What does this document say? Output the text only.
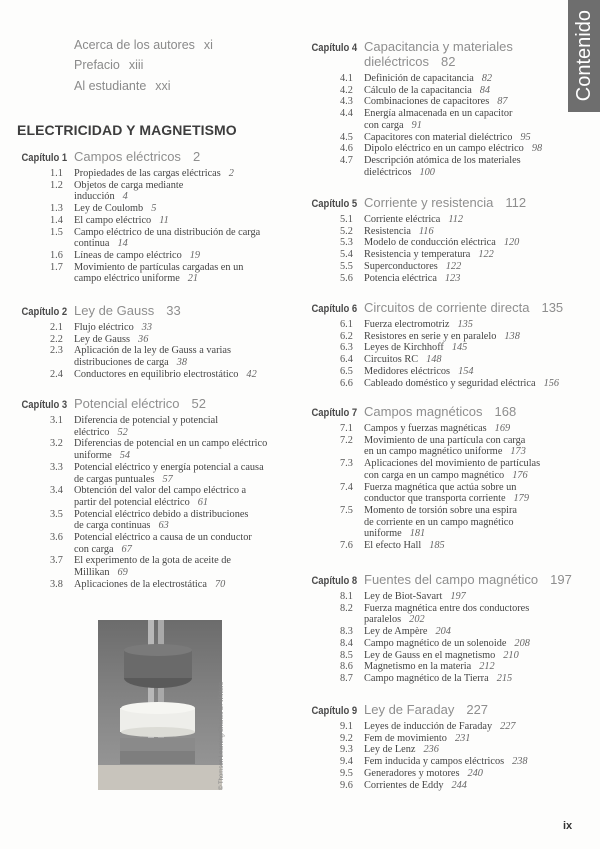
Contenido
Acerca de los autores xi
Prefacio xiii
Al estudiante xxi
ELECTRICIDAD Y MAGNETISMO
Capítulo 1 Campos eléctricos 2
1.1 Propiedades de las cargas eléctricas 2
1.2 Objetos de carga mediante
inducción 4
1.3 Ley de Coulomb 5
1.4 El campo eléctrico 11
1.5 Campo eléctrico de una distribución de carga
continua 14
1.6 Líneas de campo eléctrico 19
1.7 Movimiento de partículas cargadas en un
campo eléctrico uniforme 21
Capítulo 2 Ley de Gauss 33
2.1 Flujo eléctrico 33
2.2 Ley de Gauss 36
2.3 Aplicación de la ley de Gauss a varias
distribuciones de carga 38
2.4 Conductores en equilibrio electrostático 42
Capítulo 3 Potencial eléctrico 52
3.1 Diferencia de potencial y potencial
eléctrico 52
3.2 Diferencias de potencial en un campo eléctrico
uniforme 54
3.3 Potencial eléctrico y energía potencial a causa
de cargas puntuales 57
3.4 Obtención del valor del campo eléctrico a
partir del potencial eléctrico 61
3.5 Potencial eléctrico debido a distribuciones
de carga continuas 63
3.6 Potencial eléctrico a causa de un conductor
con carga 67
3.7 El experimento de la gota de aceite de
Millikan 69
3.8 Aplicaciones de la electrostática 70
Capítulo 4 Capacitancia y materiales
dieléctricos 82
4.1 Definición de capacitancia 82
4.2 Cálculo de la capacitancia 84
4.3 Combinaciones de capacitores 87
4.4 Energía almacenada en un capacitor
con carga 91
4.5 Capacitores con material dieléctrico 95
4.6 Dipolo eléctrico en un campo eléctrico 98
4.7 Descripción atómica de los materiales
dieléctricos 100
Capítulo 5 Corriente y resistencia 112
5.1 Corriente eléctrica 112
5.2 Resistencia 116
5.3 Modelo de conducción eléctrica 120
5.4 Resistencia y temperatura 122
5.5 Superconductores 122
5.6 Potencia eléctrica 123
Capítulo 6 Circuitos de corriente directa 135
6.1 Fuerza electromotriz 135
6.2 Resistores en serie y en paralelo 138
6.3 Leyes de Kirchhoff 145
6.4 Circuitos RC 148
6.5 Medidores eléctricos 154
6.6 Cableado doméstico y seguridad eléctrica 156
Capítulo 7 Campos magnéticos 168
7.1 Campos y fuerzas magnéticas 169
7.2 Movimiento de una partícula con carga
en un campo magnético uniforme 173
7.3 Aplicaciones del movimiento de partículas
con carga en un campo magnético 176
7.4 Fuerza magnética que actúa sobre un
conductor que transporta corriente 179
7.5 Momento de torsión sobre una espira
de corriente en un campo magnético
uniforme 181
7.6 El efecto Hall 185
Capítulo 8 Fuentes del campo magnético 197
8.1 Ley de Biot-Savart 197
8.2 Fuerza magnética entre dos conductores
paralelos 202
8.3 Ley de Ampère 204
8.4 Campo magnético de un solenoide 208
8.5 Ley de Gauss en el magnetismo 210
8.6 Magnetismo en la materia 212
8.7 Campo magnético de la Tierra 215
Capítulo 9 Ley de Faraday 227
9.1 Leyes de inducción de Faraday 227
9.2 Fem de movimiento 231
9.3 Ley de Lenz 236
9.4 Fem inducida y campos eléctricos 238
9.5 Generadores y motores 240
9.6 Corrientes de Eddy 244
© Thomson Learning/Charles D. Winters
ix
